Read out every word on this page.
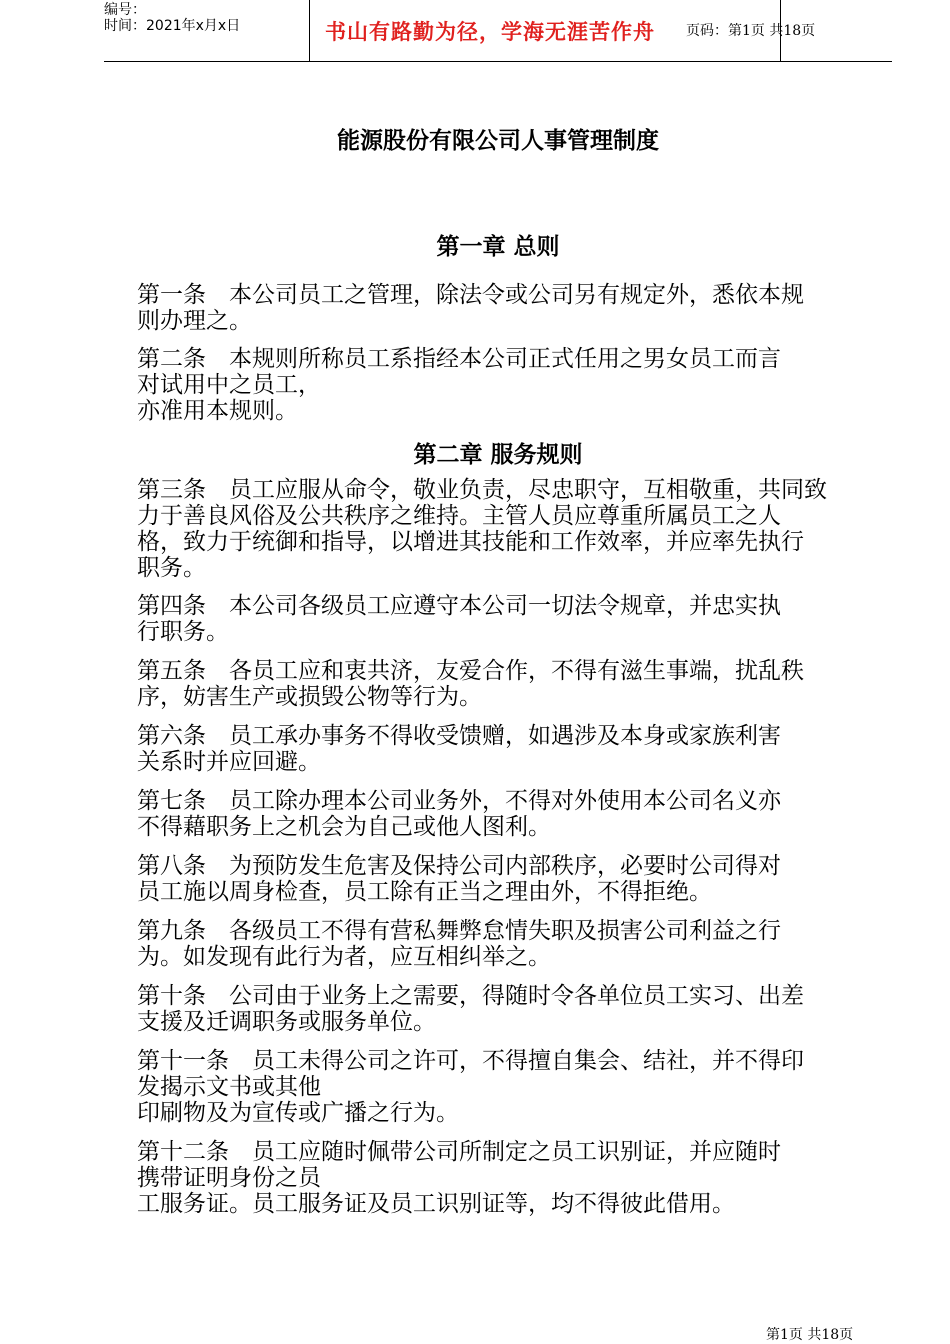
编号：
时间：2021年x月x日	书山有路勤为径，学海无涯苦作舟 页码：第1页 共18页
能源股份有限公司人事管理制度
第一章 总则
第一条　本公司员工之管理，除法令或公司另有规定外，悉依本规
则办理之。
第二条　本规则所称员工系指经本公司正式任用之男女员工而言
对试用中之员工，
亦准用本规则。
第二章 服务规则
第三条　员工应服从命令，敬业负责，尽忠职守，互相敬重，共同致
力于善良风俗及公共秩序之维持。主管人员应尊重所属员工之人
格，致力于统御和指导，以增进其技能和工作效率，并应率先执行
职务。
第四条　本公司各级员工应遵守本公司一切法令规章，并忠实执
行职务。
第五条　各员工应和衷共济，友爱合作，不得有滋生事端，扰乱秩
序，妨害生产或损毁公物等行为。
第六条　员工承办事务不得收受馈赠，如遇涉及本身或家族利害
关系时并应回避。
第七条　员工除办理本公司业务外，不得对外使用本公司名义亦
不得藉职务上之机会为自己或他人图利。
第八条　为预防发生危害及保持公司内部秩序，必要时公司得对
员工施以周身检查，员工除有正当之理由外，不得拒绝。
第九条　各级员工不得有营私舞弊怠情失职及损害公司利益之行
为。如发现有此行为者，应互相纠举之。
第十条　公司由于业务上之需要，得随时令各单位员工实习、出差
支援及迁调职务或服务单位。
第十一条　员工未得公司之许可，不得擅自集会、结社，并不得印
发揭示文书或其他
印刷物及为宣传或广播之行为。
第十二条　员工应随时佩带公司所制定之员工识别证，并应随时
携带证明身份之员
工服务证。员工服务证及员工识别证等，均不得彼此借用。
第1页 共18页
